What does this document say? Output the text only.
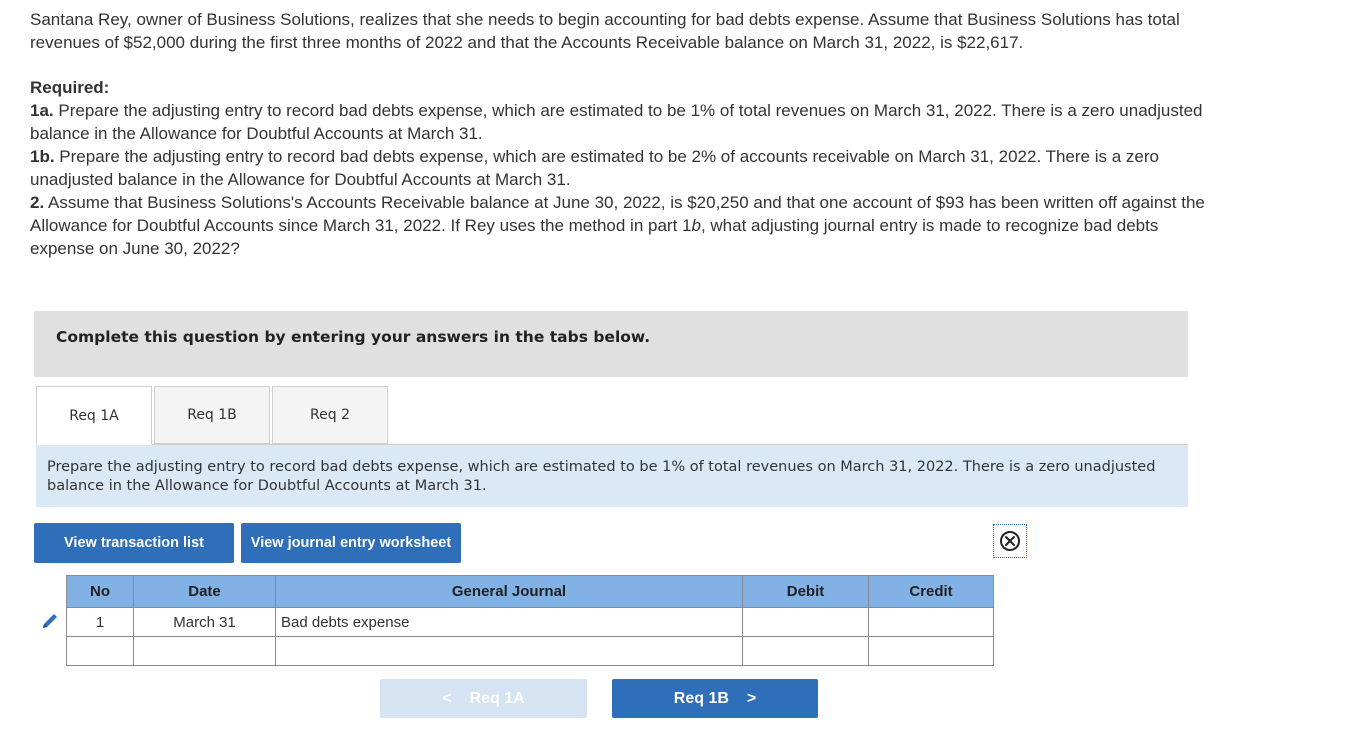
Santana Rey, owner of Business Solutions, realizes that she needs to begin accounting for bad debts expense. Assume that Business Solutions has total revenues of $52,000 during the first three months of 2022 and that the Accounts Receivable balance on March 31, 2022, is $22,617.

Required:

1a. Prepare the adjusting entry to record bad debts expense, which are estimated to be 1% of total revenues on March 31, 2022. There is a zero unadjusted balance in the Allowance for Doubtful Accounts at March 31.

1b. Prepare the adjusting entry to record bad debts expense, which are estimated to be 2% of accounts receivable on March 31, 2022. There is a zero unadjusted balance in the Allowance for Doubtful Accounts at March 31.

2. Assume that Business Solutions's Accounts Receivable balance at June 30, 2022, is $20,250 and that one account of $93 has been written off against the Allowance for Doubtful Accounts since March 31, 2022. If Rey uses the method in part 1b, what adjusting journal entry is made to recognize bad debts expense on June 30, 2022?

Complete this question by entering your answers in the tabs below.
Req 1A	Req 1B	Req 2
Prepare the adjusting entry to record bad debts expense, which are estimated to be 1% of total revenues on March 31, 2022. There is a zero unadjusted balance in the Allowance for Doubtful Accounts at March 31.
View transaction list	View journal entry worksheet
No	Date	General Journal	Debit	Credit
1	March 31	Bad debts expense		

< Req 1A	Req 1B >
